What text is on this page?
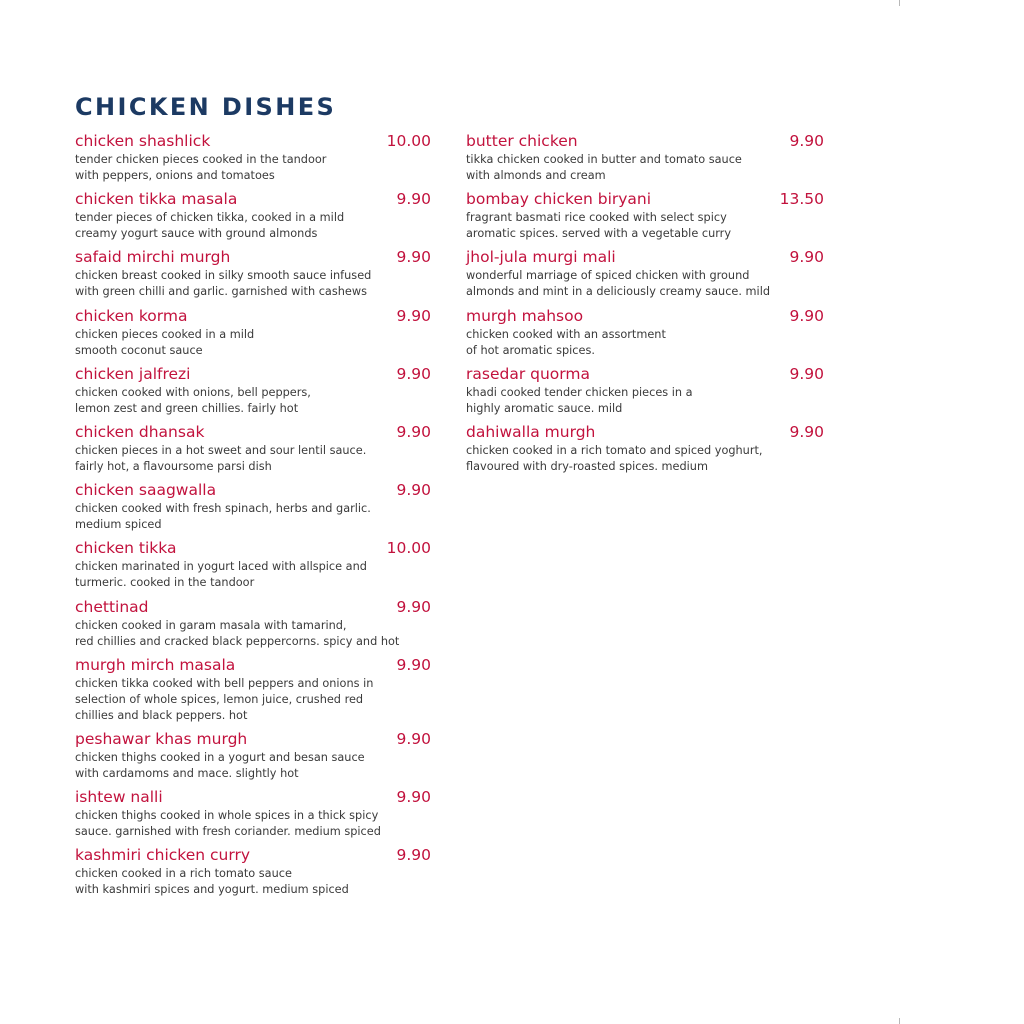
CHICKEN DISHES
chicken shashlick	10.00

tender chicken pieces cooked in the tandoor
with peppers, onions and tomatoes

chicken tikka masala	9.90

tender pieces of chicken tikka, cooked in a mild
creamy yogurt sauce with ground almonds

safaid mirchi murgh	9.90

chicken breast cooked in silky smooth sauce infused
with green chilli and garlic. garnished with cashews

chicken korma	9.90

chicken pieces cooked in a mild
smooth coconut sauce

chicken jalfrezi	9.90

chicken cooked with onions, bell peppers,
lemon zest and green chillies. fairly hot

chicken dhansak	9.90

chicken pieces in a hot sweet and sour lentil sauce.
fairly hot, a flavoursome parsi dish

chicken saagwalla	9.90

chicken cooked with fresh spinach, herbs and garlic.
medium spiced

chicken tikka	10.00

chicken marinated in yogurt laced with allspice and
turmeric. cooked in the tandoor

chettinad	9.90

chicken cooked in garam masala with tamarind,
red chillies and cracked black peppercorns. spicy and hot

murgh mirch masala	9.90

chicken tikka cooked with bell peppers and onions in
selection of whole spices, lemon juice, crushed red
chillies and black peppers. hot

peshawar khas murgh	9.90

chicken thighs cooked in a yogurt and besan sauce
with cardamoms and mace. slightly hot

ishtew nalli	9.90

chicken thighs cooked in whole spices in a thick spicy
sauce. garnished with fresh coriander. medium spiced

kashmiri chicken curry	9.90

chicken cooked in a rich tomato sauce
with kashmiri spices and yogurt. medium spiced

butter chicken	9.90

tikka chicken cooked in butter and tomato sauce
with almonds and cream

bombay chicken biryani	13.50

fragrant basmati rice cooked with select spicy
aromatic spices. served with a vegetable curry

jhol-jula murgi mali	9.90

wonderful marriage of spiced chicken with ground
almonds and mint in a deliciously creamy sauce. mild

murgh mahsoo	9.90

chicken cooked with an assortment
of hot aromatic spices.

rasedar quorma	9.90

khadi cooked tender chicken pieces in a
highly aromatic sauce. mild

dahiwalla murgh	9.90

chicken cooked in a rich tomato and spiced yoghurt,
flavoured with dry-roasted spices. medium
